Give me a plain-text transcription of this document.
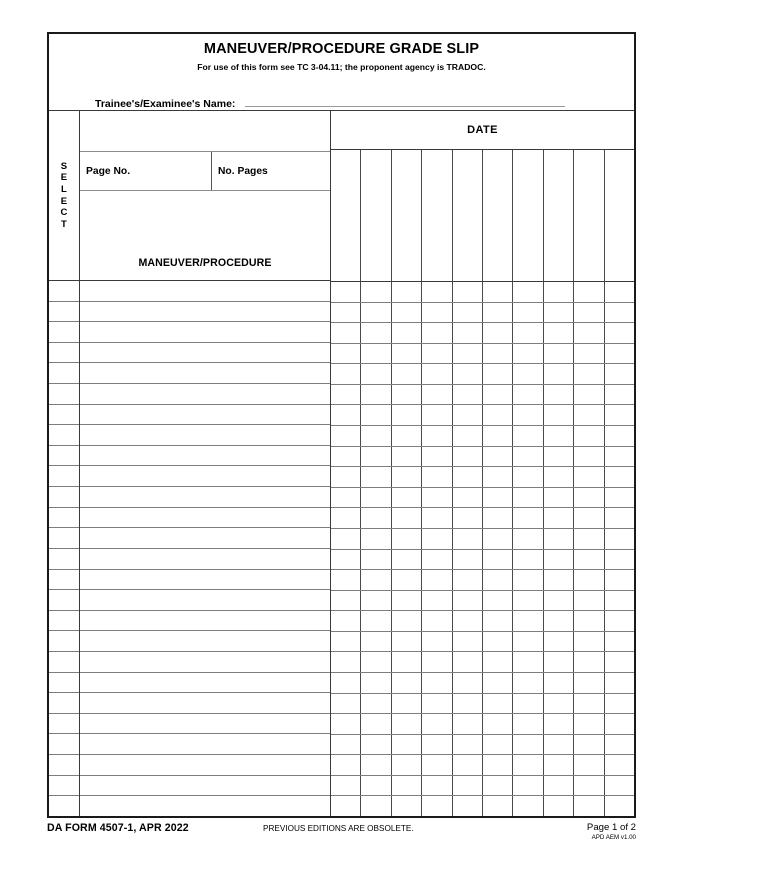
MANEUVER/PROCEDURE GRADE SLIP
For use of this form see TC 3-04.11; the proponent agency is TRADOC.
Trainee's/Examinee's Name:
S
E
L
E
C
T
Page No.	No. Pages
MANEUVER/PROCEDURE
DATE
DA FORM 4507-1, APR 2022	PREVIOUS EDITIONS ARE OBSOLETE.	Page 1 of 2
APD AEM v1.00
